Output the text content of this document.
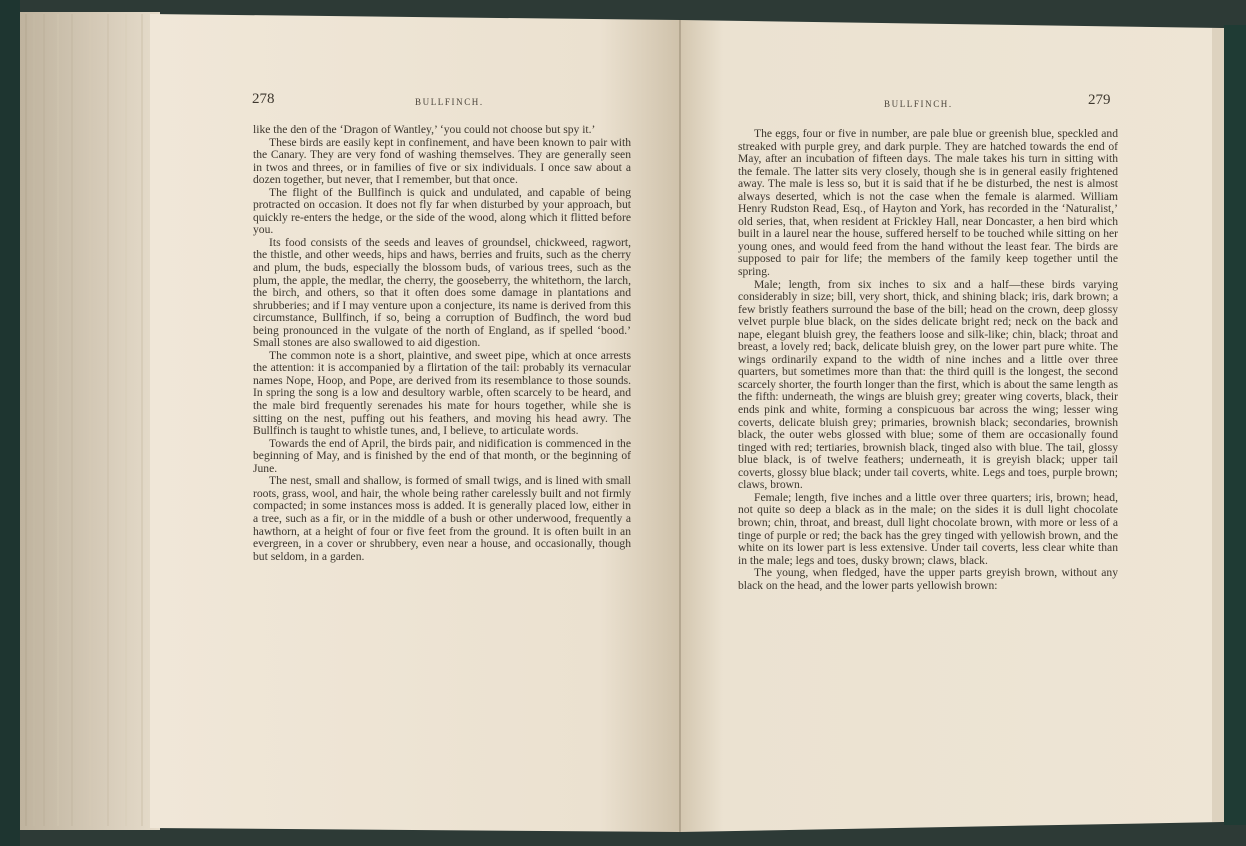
278	BULLFINCH.	BULLFINCH.	279

like the den of the ‘Dragon of Wantley,’ ‘you could not choose but spy it.’

These birds are easily kept in confinement, and have been known to pair with the Canary. They are very fond of washing themselves. They are generally seen in twos and threes, or in families of five or six individuals. I once saw about a dozen together, but never, that I remember, but that once.

The flight of the Bullfinch is quick and undulated, and capable of being protracted on occasion. It does not fly far when disturbed by your approach, but quickly re-enters the hedge, or the side of the wood, along which it flitted before you.

Its food consists of the seeds and leaves of groundsel, chickweed, ragwort, the thistle, and other weeds, hips and haws, berries and fruits, such as the cherry and plum, the buds, especially the blossom buds, of various trees, such as the plum, the apple, the medlar, the cherry, the gooseberry, the whitethorn, the larch, the birch, and others, so that it often does some damage in plantations and shrubberies; and if I may venture upon a conjecture, its name is derived from this circumstance, Bullfinch, if so, being a corruption of Budfinch, the word bud being pronounced in the vulgate of the north of England, as if spelled ‘bood.’ Small stones are also swallowed to aid digestion.

The common note is a short, plaintive, and sweet pipe, which at once arrests the attention: it is accompanied by a flirtation of the tail: probably its vernacular names Nope, Hoop, and Pope, are derived from its resemblance to those sounds. In spring the song is a low and desultory warble, often scarcely to be heard, and the male bird frequently serenades his mate for hours together, while she is sitting on the nest, puffing out his feathers, and moving his head awry. The Bullfinch is taught to whistle tunes, and, I believe, to articulate words.

Towards the end of April, the birds pair, and nidification is commenced in the beginning of May, and is finished by the end of that month, or the beginning of June.

The nest, small and shallow, is formed of small twigs, and is lined with small roots, grass, wool, and hair, the whole being rather carelessly built and not firmly compacted; in some instances moss is added. It is generally placed low, either in a tree, such as a fir, or in the middle of a bush or other underwood, frequently a hawthorn, at a height of four or five feet from the ground. It is often built in an evergreen, in a cover or shrubbery, even near a house, and occasionally, though but seldom, in a garden.

The eggs, four or five in number, are pale blue or greenish blue, speckled and streaked with purple grey, and dark purple. They are hatched towards the end of May, after an incubation of fifteen days. The male takes his turn in sitting with the female. The latter sits very closely, though she is in general easily frightened away. The male is less so, but it is said that if he be disturbed, the nest is almost always deserted, which is not the case when the female is alarmed. William Henry Rudston Read, Esq., of Hayton and York, has recorded in the ‘Naturalist,’ old series, that, when resident at Frickley Hall, near Doncaster, a hen bird which built in a laurel near the house, suffered herself to be touched while sitting on her young ones, and would feed from the hand without the least fear. The birds are supposed to pair for life; the members of the family keep together until the spring.

Male; length, from six inches to six and a half—these birds varying considerably in size; bill, very short, thick, and shining black; iris, dark brown; a few bristly feathers surround the base of the bill; head on the crown, deep glossy velvet purple blue black, on the sides delicate bright red; neck on the back and nape, elegant bluish grey, the feathers loose and silk-like; chin, black; throat and breast, a lovely red; back, delicate bluish grey, on the lower part pure white. The wings ordinarily expand to the width of nine inches and a little over three quarters, but sometimes more than that: the third quill is the longest, the second scarcely shorter, the fourth longer than the first, which is about the same length as the fifth: underneath, the wings are bluish grey; greater wing coverts, black, their ends pink and white, forming a conspicuous bar across the wing; lesser wing coverts, delicate bluish grey; primaries, brownish black; secondaries, brownish black, the outer webs glossed with blue; some of them are occasionally found tinged with red; tertiaries, brownish black, tinged also with blue. The tail, glossy blue black, is of twelve feathers; underneath, it is greyish black; upper tail coverts, glossy blue black; under tail coverts, white. Legs and toes, purple brown; claws, brown.

Female; length, five inches and a little over three quarters; iris, brown; head, not quite so deep a black as in the male; on the sides it is dull light chocolate brown; chin, throat, and breast, dull light chocolate brown, with more or less of a tinge of purple or red; the back has the grey tinged with yellowish brown, and the white on its lower part is less extensive. Under tail coverts, less clear white than in the male; legs and toes, dusky brown; claws, black.

The young, when fledged, have the upper parts greyish brown, without any black on the head, and the lower parts yellowish brown:
